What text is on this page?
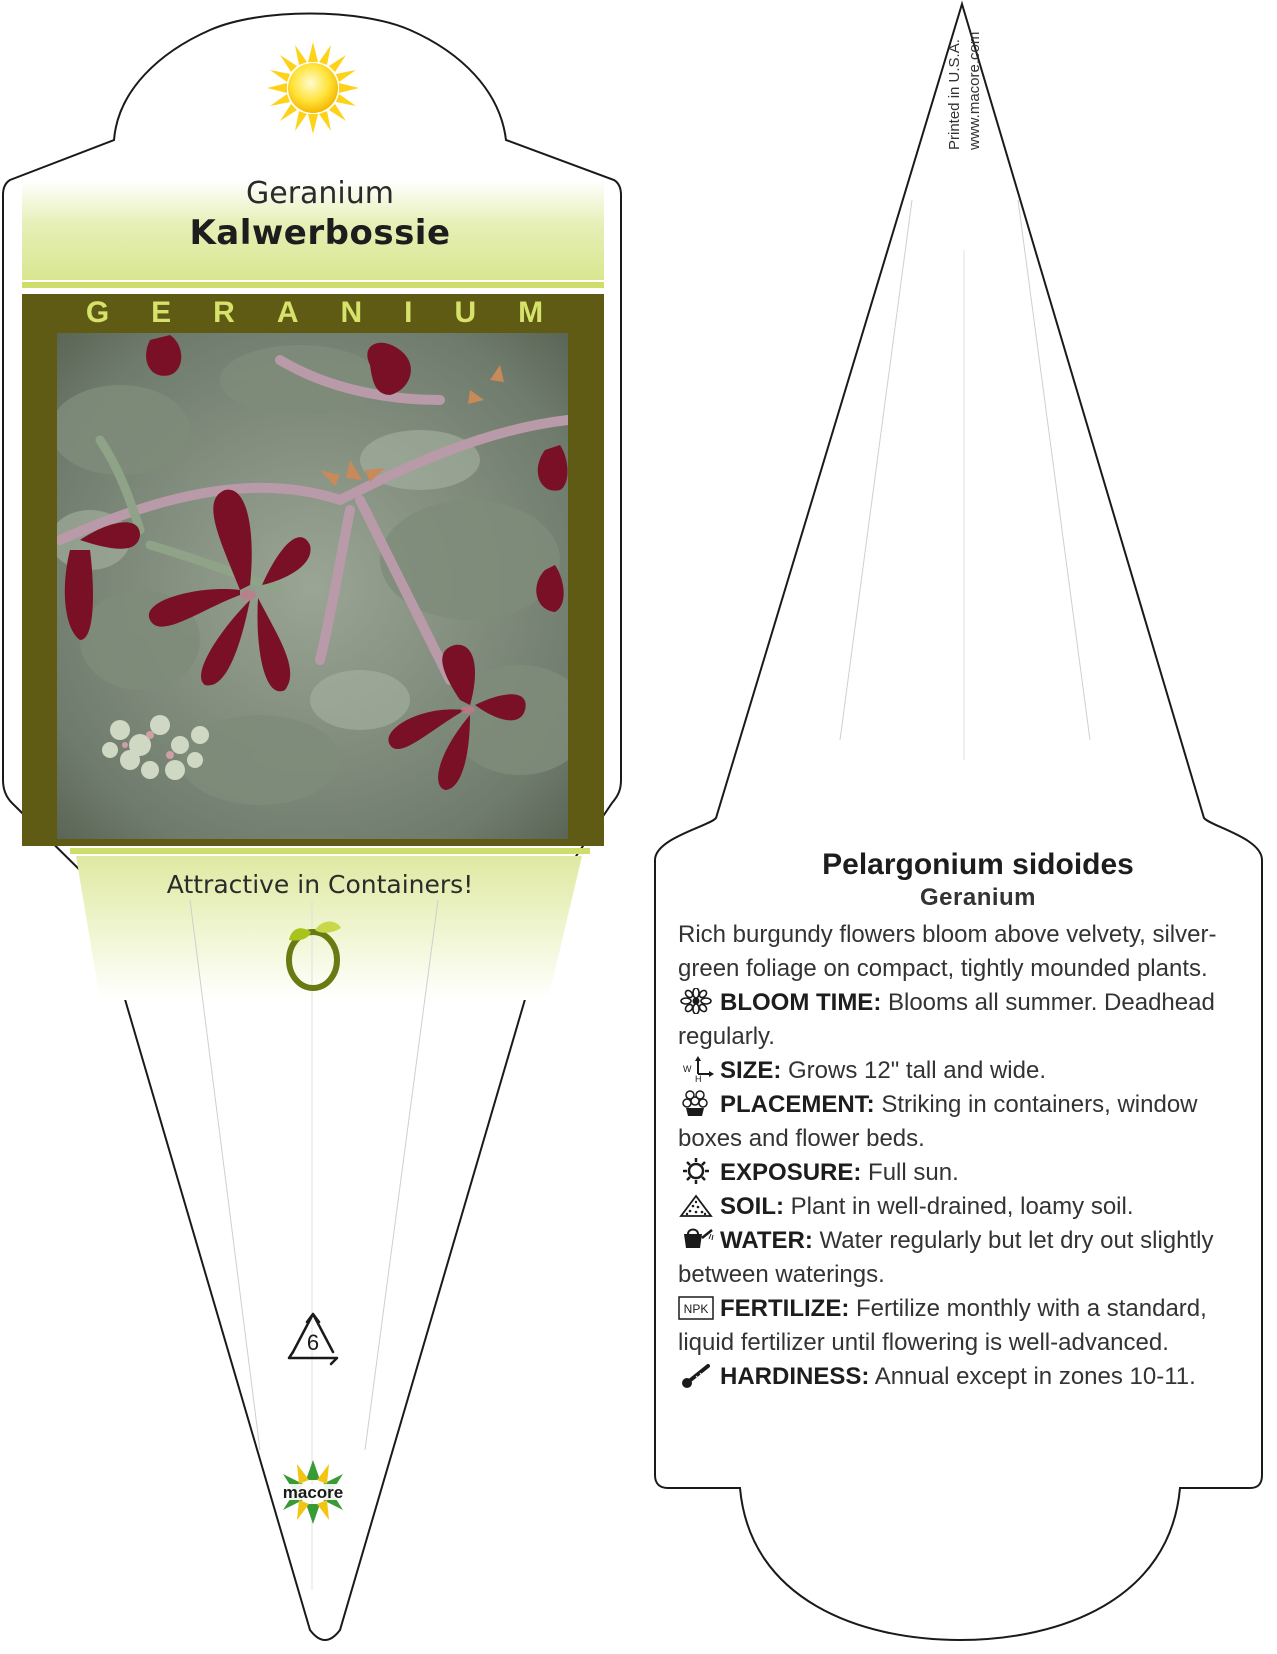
6
macore
Geranium
Kalwerbossie
GERANIUM
Attractive in Containers!
Printed in U.S.A. www.macore.com
Pelargonium sidoides
Geranium

Rich burgundy flowers bloom above velvety, silver-green foliage on compact, tightly mounded plants.

BLOOM TIME: Blooms all summer. Deadhead regularly.

W
H SIZE: Grows 12" tall and wide.

PLACEMENT: Striking in containers, window boxes and flower beds.

EXPOSURE: Full sun.

SOIL: Plant in well-drained, loamy soil.

WATER: Water regularly but let dry out slightly between waterings.

NPK FERTILIZE: Fertilize monthly with a standard, liquid fertilizer until flowering is well-advanced.

HARDINESS: Annual except in zones 10-11.
